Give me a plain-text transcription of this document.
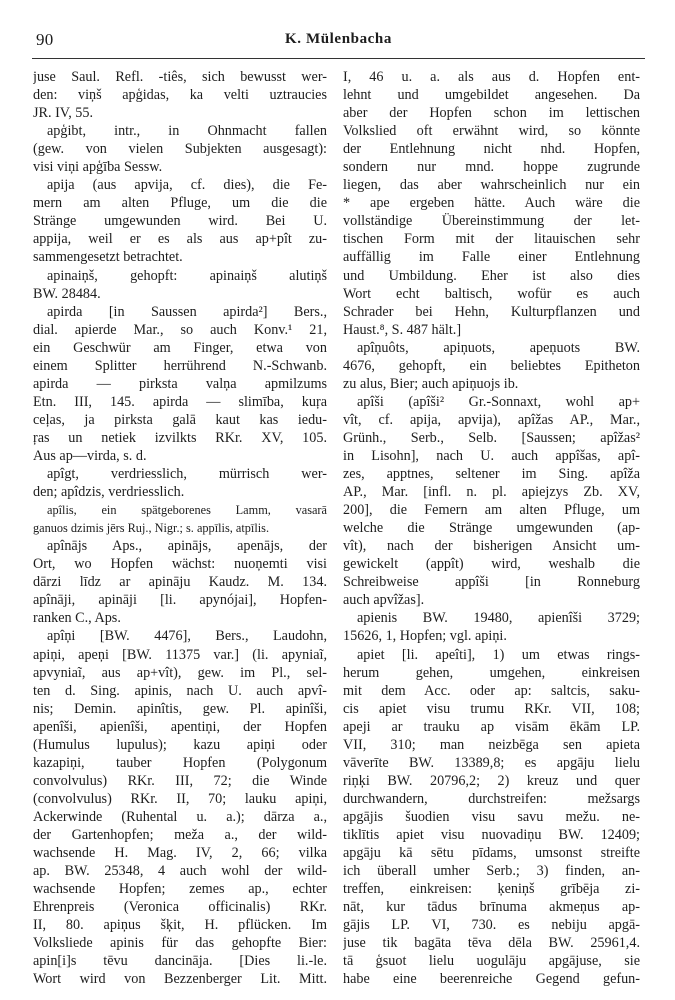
90	K. Mülenbacha
juse Saul. Refl. -tiês, sich bewusst wer-
den: viņš apģidas, ka velti uztraucies
JR. IV, 55.
apģibt, intr., in Ohnmacht fallen
(gew. von vielen Subjekten ausgesagt):
visi viņi apģība Sessw.
apija (aus apvija, cf. dies), die Fe-
mern am alten Pfluge, um die die
Stränge umgewunden wird. Bei U.
appija, weil er es als aus ap+pît zu-
sammengesetzt betrachtet.
apinaiņš, gehopft: apinaiņš alutiņš
BW. 28484.
apirda [in Saussen apirda²] Bers.,
dial. apierde Mar., so auch Konv.¹ 21,
ein Geschwür am Finger, etwa von
einem Splitter herrührend N.-Schwanb.
apirda — pirksta valņa apmilzums
Etn. III, 145. apirda — slimība, kuŗa
ceļas, ja pirksta galā kaut kas iedu-
ŗas un netiek izvilkts RKr. XV, 105.
Aus ap—virda, s. d.
apîgt, verdriesslich, mürrisch wer-
den; apîdzis, verdriesslich.
apîlis, ein spätgeborenes Lamm, vasarā
ganuos dzimis jērs Ruj., Nigr.; s. appīlis, atpīlis.
apînājs Aps., apinājs, apenājs, der
Ort, wo Hopfen wächst: nuoņemti visi
dārzi līdz ar apināju Kaudz. M. 134.
apînāji, apināji [li. apynójai], Hopfen-
ranken C., Aps.
apîņi [BW. 4476], Bers., Laudohn,
apiņi, apeņi [BW. 11375 var.] (li. apyniaĩ,
apvyniaĩ, aus ap+vît), gew. im Pl., sel-
ten d. Sing. apinis, nach U. auch apvî-
nis; Demin. apinîtis, gew. Pl. apinîši,
apenîši, apienîši, apentiņi, der Hopfen
(Humulus lupulus); kazu apiņi oder
kazapiņi, tauber Hopfen (Polygonum
convolvulus) RKr. III, 72; die Winde
(convolvulus) RKr. II, 70; lauku apiņi,
Ackerwinde (Ruhental u. a.); dārza a.,
der Gartenhopfen; meža a., der wild-
wachsende H. Mag. IV, 2, 66; vilka
ap. BW. 25348, 4 auch wohl der wild-
wachsende Hopfen; zemes ap., echter
Ehrenpreis (Veronica officinalis) RKr.
II, 80. apiņus šķit, H. pflücken. Im
Volksliede apinis für das gehopfte Bier:
apin[i]s tēvu dancināja. [Dies li.-le.
Wort wird von Bezzenberger Lit. Mitt.
I, 46 u. a. als aus d. Hopfen ent-
lehnt und umgebildet angesehen. Da
aber der Hopfen schon im lettischen
Volkslied oft erwähnt wird, so könnte
der Entlehnung nicht nhd. Hopfen,
sondern nur mnd. hoppe zugrunde
liegen, das aber wahrscheinlich nur ein
* ape ergeben hätte. Auch wäre die
vollständige Übereinstimmung der let-
tischen Form mit der litauischen sehr
auffällig im Falle einer Entlehnung
und Umbildung. Eher ist also dies
Wort echt baltisch, wofür es auch
Schrader bei Hehn, Kulturpflanzen und
Haust.⁸, S. 487 hält.]
apîņuôts, apiņuots, apeņuots BW.
4676, gehopft, ein beliebtes Epitheton
zu alus, Bier; auch apiņuojs ib.
apîši (apîši² Gr.-Sonnaxt, wohl ap+
vît, cf. apija, apvija), apîžas AP., Mar.,
Grünh., Serb., Selb. [Saussen; apîžas²
in Lisohn], nach U. auch appîšas, apî-
zes, apptnes, seltener im Sing. apîža
AP., Mar. [infl. n. pl. apiejzys Zb. XV,
200], die Femern am alten Pfluge, um
welche die Stränge umgewunden (ap-
vît), nach der bisherigen Ansicht um-
gewickelt (appît) wird, weshalb die
Schreibweise appîši [in Ronneburg
auch apvîžas].
apienis BW. 19480, apienîši 3729;
15626, 1, Hopfen; vgl. apiņi.
apiet [li. apeîti], 1) um etwas rings-
herum gehen, umgehen, einkreisen
mit dem Acc. oder ap: saltcis, saku-
cis apiet visu trumu RKr. VII, 108;
apeji ar trauku ap visām ēkām LP.
VII, 310; man neizbēga sen apieta
vāverīte BW. 13389,8; es apgāju lielu
riņķi BW. 20796,2; 2) kreuz und quer
durchwandern, durchstreifen: mežsargs
apgājis šuodien visu savu mežu. ne-
tiklītis apiet visu nuovadiņu BW. 12409;
apgāju kā sētu pīdams, umsonst streifte
ich überall umher Serb.; 3) finden, an-
treffen, einkreisen: ķeniņš grībēja zi-
nāt, kur tādus brīnuma akmeņus ap-
gājis LP. VI, 730. es nebiju apgā-
juse tik bagāta tēva dēla BW. 25961,4.
tā ģsuot lielu uogulāju apgājuse, sie
habe eine beerenreiche Gegend gefun-
